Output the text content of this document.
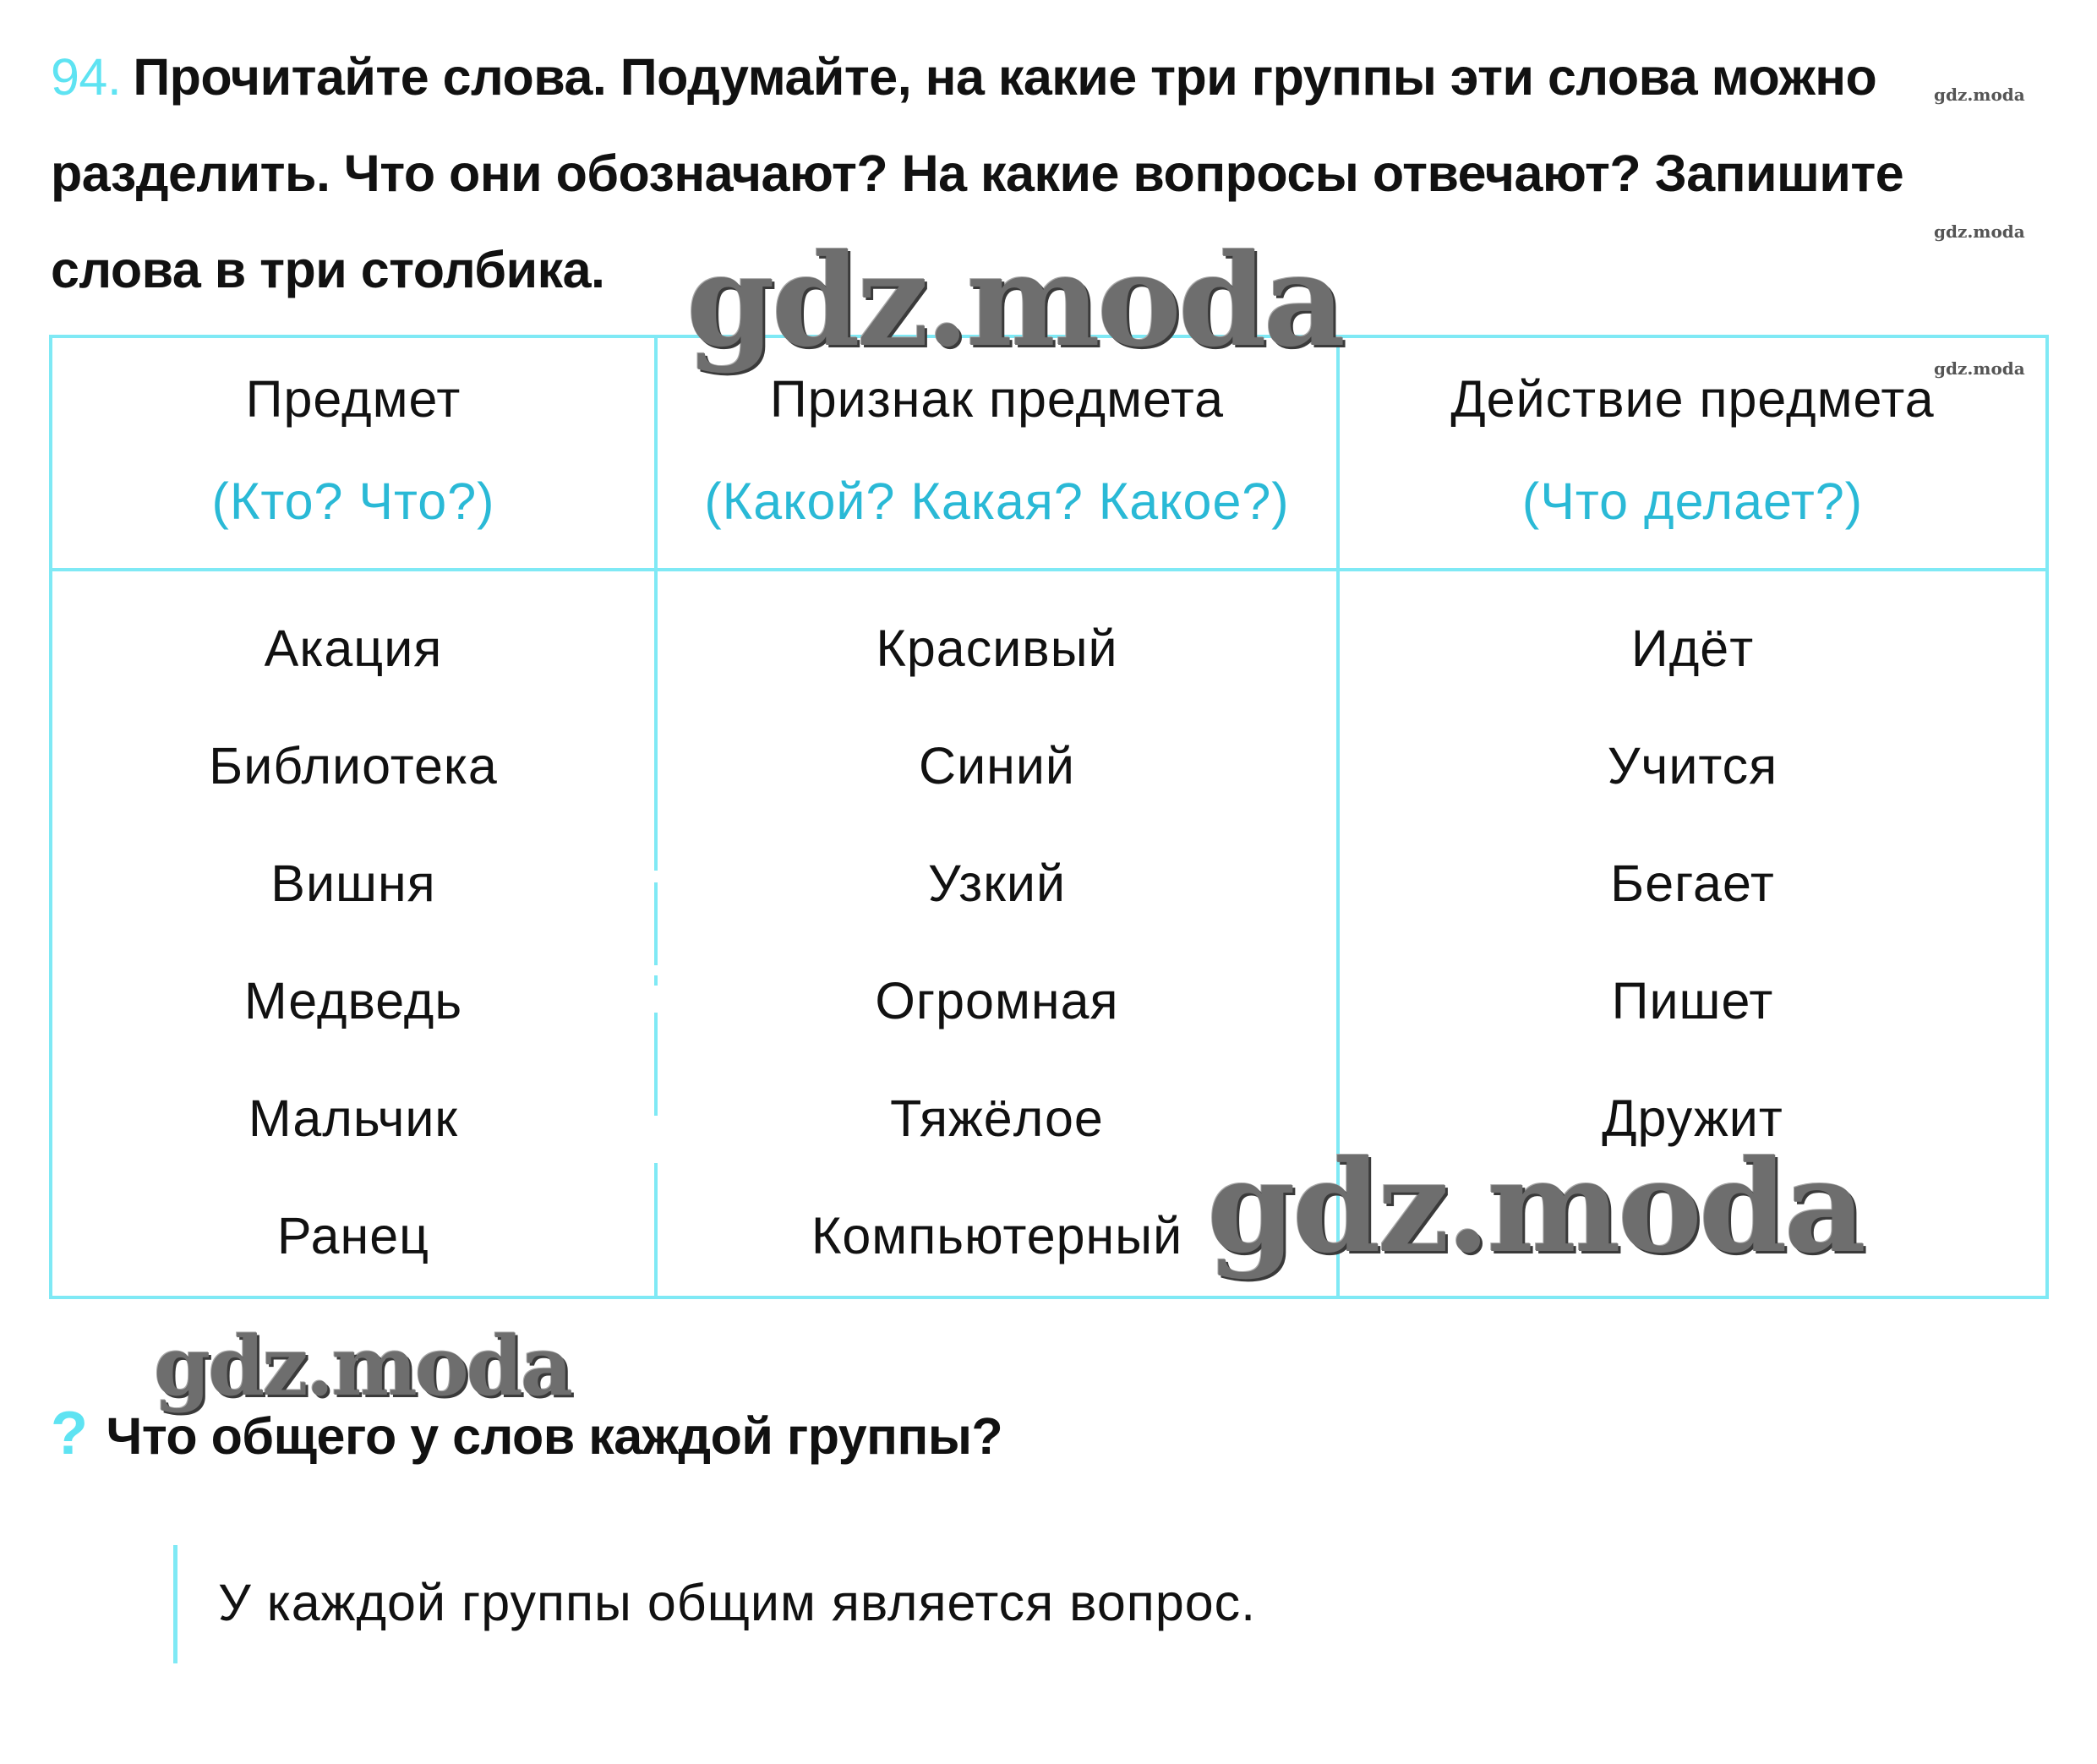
94. Прочитайте слова. Подумайте, на какие три группы эти слова можно разделить. Что они обозначают? На какие вопросы отвечают? Запишите слова в три столбика.
Предмет
(Кто? Что?)
Признак предмета
(Какой? Какая? Какое?)
Действие предмета
(Что делает?)
Акация
Библиотека
Вишня
Медведь
Мальчик
Ранец
Красивый
Синий
Узкий
Огромная
Тяжёлое
Компьютерный
Идёт
Учится
Бегает
Пишет
Дружит
gdz.moda
gdz.moda
gdz.moda
gdz.moda
gdz.moda
gdz.moda
? Что общего у слов каждой группы?
У каждой группы общим является вопрос.
